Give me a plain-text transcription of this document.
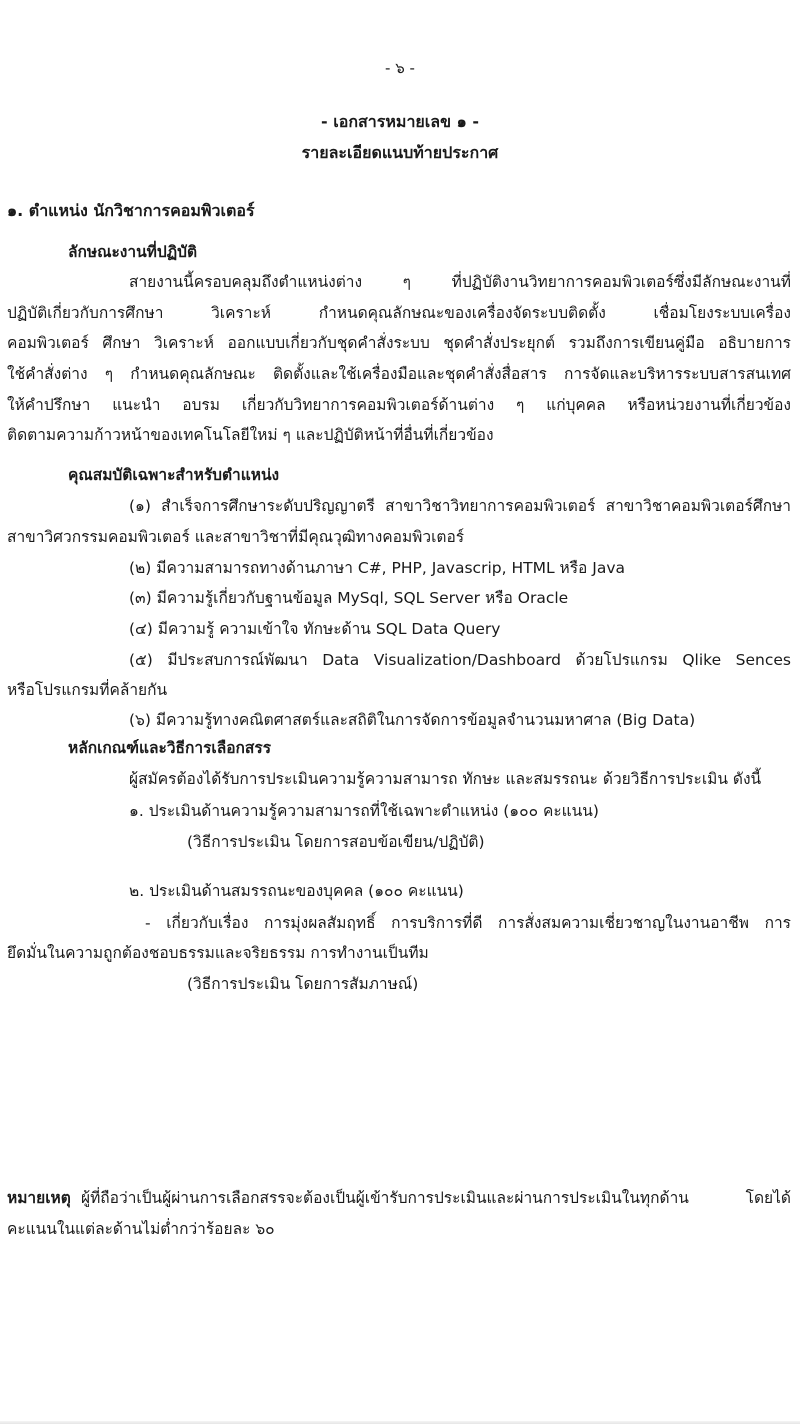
- ๖ -
- เอกสารหมายเลข ๑ -
รายละเอียดแนบท้ายประกาศ
๑. ตำแหน่ง นักวิชาการคอมพิวเตอร์
ลักษณะงานที่ปฏิบัติ
สายงานนี้ครอบคลุมถึงตำแหน่งต่าง ๆ ที่ปฏิบัติงานวิทยาการคอมพิวเตอร์ซึ่งมีลักษณะงานที่
ปฏิบัติเกี่ยวกับการศึกษา วิเคราะห์ กำหนดคุณลักษณะของเครื่องจัดระบบติดตั้ง เชื่อมโยงระบบเครื่อง
คอมพิวเตอร์ ศึกษา วิเคราะห์ ออกแบบเกี่ยวกับชุดคำสั่งระบบ ชุดคำสั่งประยุกต์ รวมถึงการเขียนคู่มือ อธิบายการ
ใช้คำสั่งต่าง ๆ กำหนดคุณลักษณะ ติดตั้งและใช้เครื่องมือและชุดคำสั่งสื่อสาร การจัดและบริหารระบบสารสนเทศ
ให้คำปรึกษา แนะนำ อบรม เกี่ยวกับวิทยาการคอมพิวเตอร์ด้านต่าง ๆ แก่บุคคล หรือหน่วยงานที่เกี่ยวข้อง
ติดตามความก้าวหน้าของเทคโนโลยีใหม่ ๆ และปฏิบัติหน้าที่อื่นที่เกี่ยวข้อง
คุณสมบัติเฉพาะสำหรับตำแหน่ง
(๑) สำเร็จการศึกษาระดับปริญญาตรี สาขาวิชาวิทยาการคอมพิวเตอร์ สาขาวิชาคอมพิวเตอร์ศึกษา
สาขาวิศวกรรมคอมพิวเตอร์ และสาขาวิชาที่มีคุณวุฒิทางคอมพิวเตอร์
(๒) มีความสามารถทางด้านภาษา C#, PHP, Javascrip, HTML หรือ Java
(๓) มีความรู้เกี่ยวกับฐานข้อมูล MySql, SQL Server หรือ Oracle
(๔) มีความรู้ ความเข้าใจ ทักษะด้าน SQL Data Query
(๕) มีประสบการณ์พัฒนา Data Visualization/Dashboard ด้วยโปรแกรม Qlike Sences
หรือโปรแกรมที่คล้ายกัน
(๖) มีความรู้ทางคณิตศาสตร์และสถิติในการจัดการข้อมูลจำนวนมหาศาล (Big Data)
หลักเกณฑ์และวิธีการเลือกสรร
ผู้สมัครต้องได้รับการประเมินความรู้ความสามารถ ทักษะ และสมรรถนะ ด้วยวิธีการประเมิน ดังนี้
๑. ประเมินด้านความรู้ความสามารถที่ใช้เฉพาะตำแหน่ง (๑๐๐ คะแนน)
(วิธีการประเมิน โดยการสอบข้อเขียน/ปฏิบัติ)
๒. ประเมินด้านสมรรถนะของบุคคล (๑๐๐ คะแนน)
- เกี่ยวกับเรื่อง การมุ่งผลสัมฤทธิ์ การบริการที่ดี การสั่งสมความเชี่ยวชาญในงานอาชีพ การ
ยึดมั่นในความถูกต้องชอบธรรมและจริยธรรม การทำงานเป็นทีม
(วิธีการประเมิน โดยการสัมภาษณ์)
หมายเหตุ ผู้ที่ถือว่าเป็นผู้ผ่านการเลือกสรรจะต้องเป็นผู้เข้ารับการประเมินและผ่านการประเมินในทุกด้าน โดยได้
คะแนนในแต่ละด้านไม่ต่ำกว่าร้อยละ ๖๐
